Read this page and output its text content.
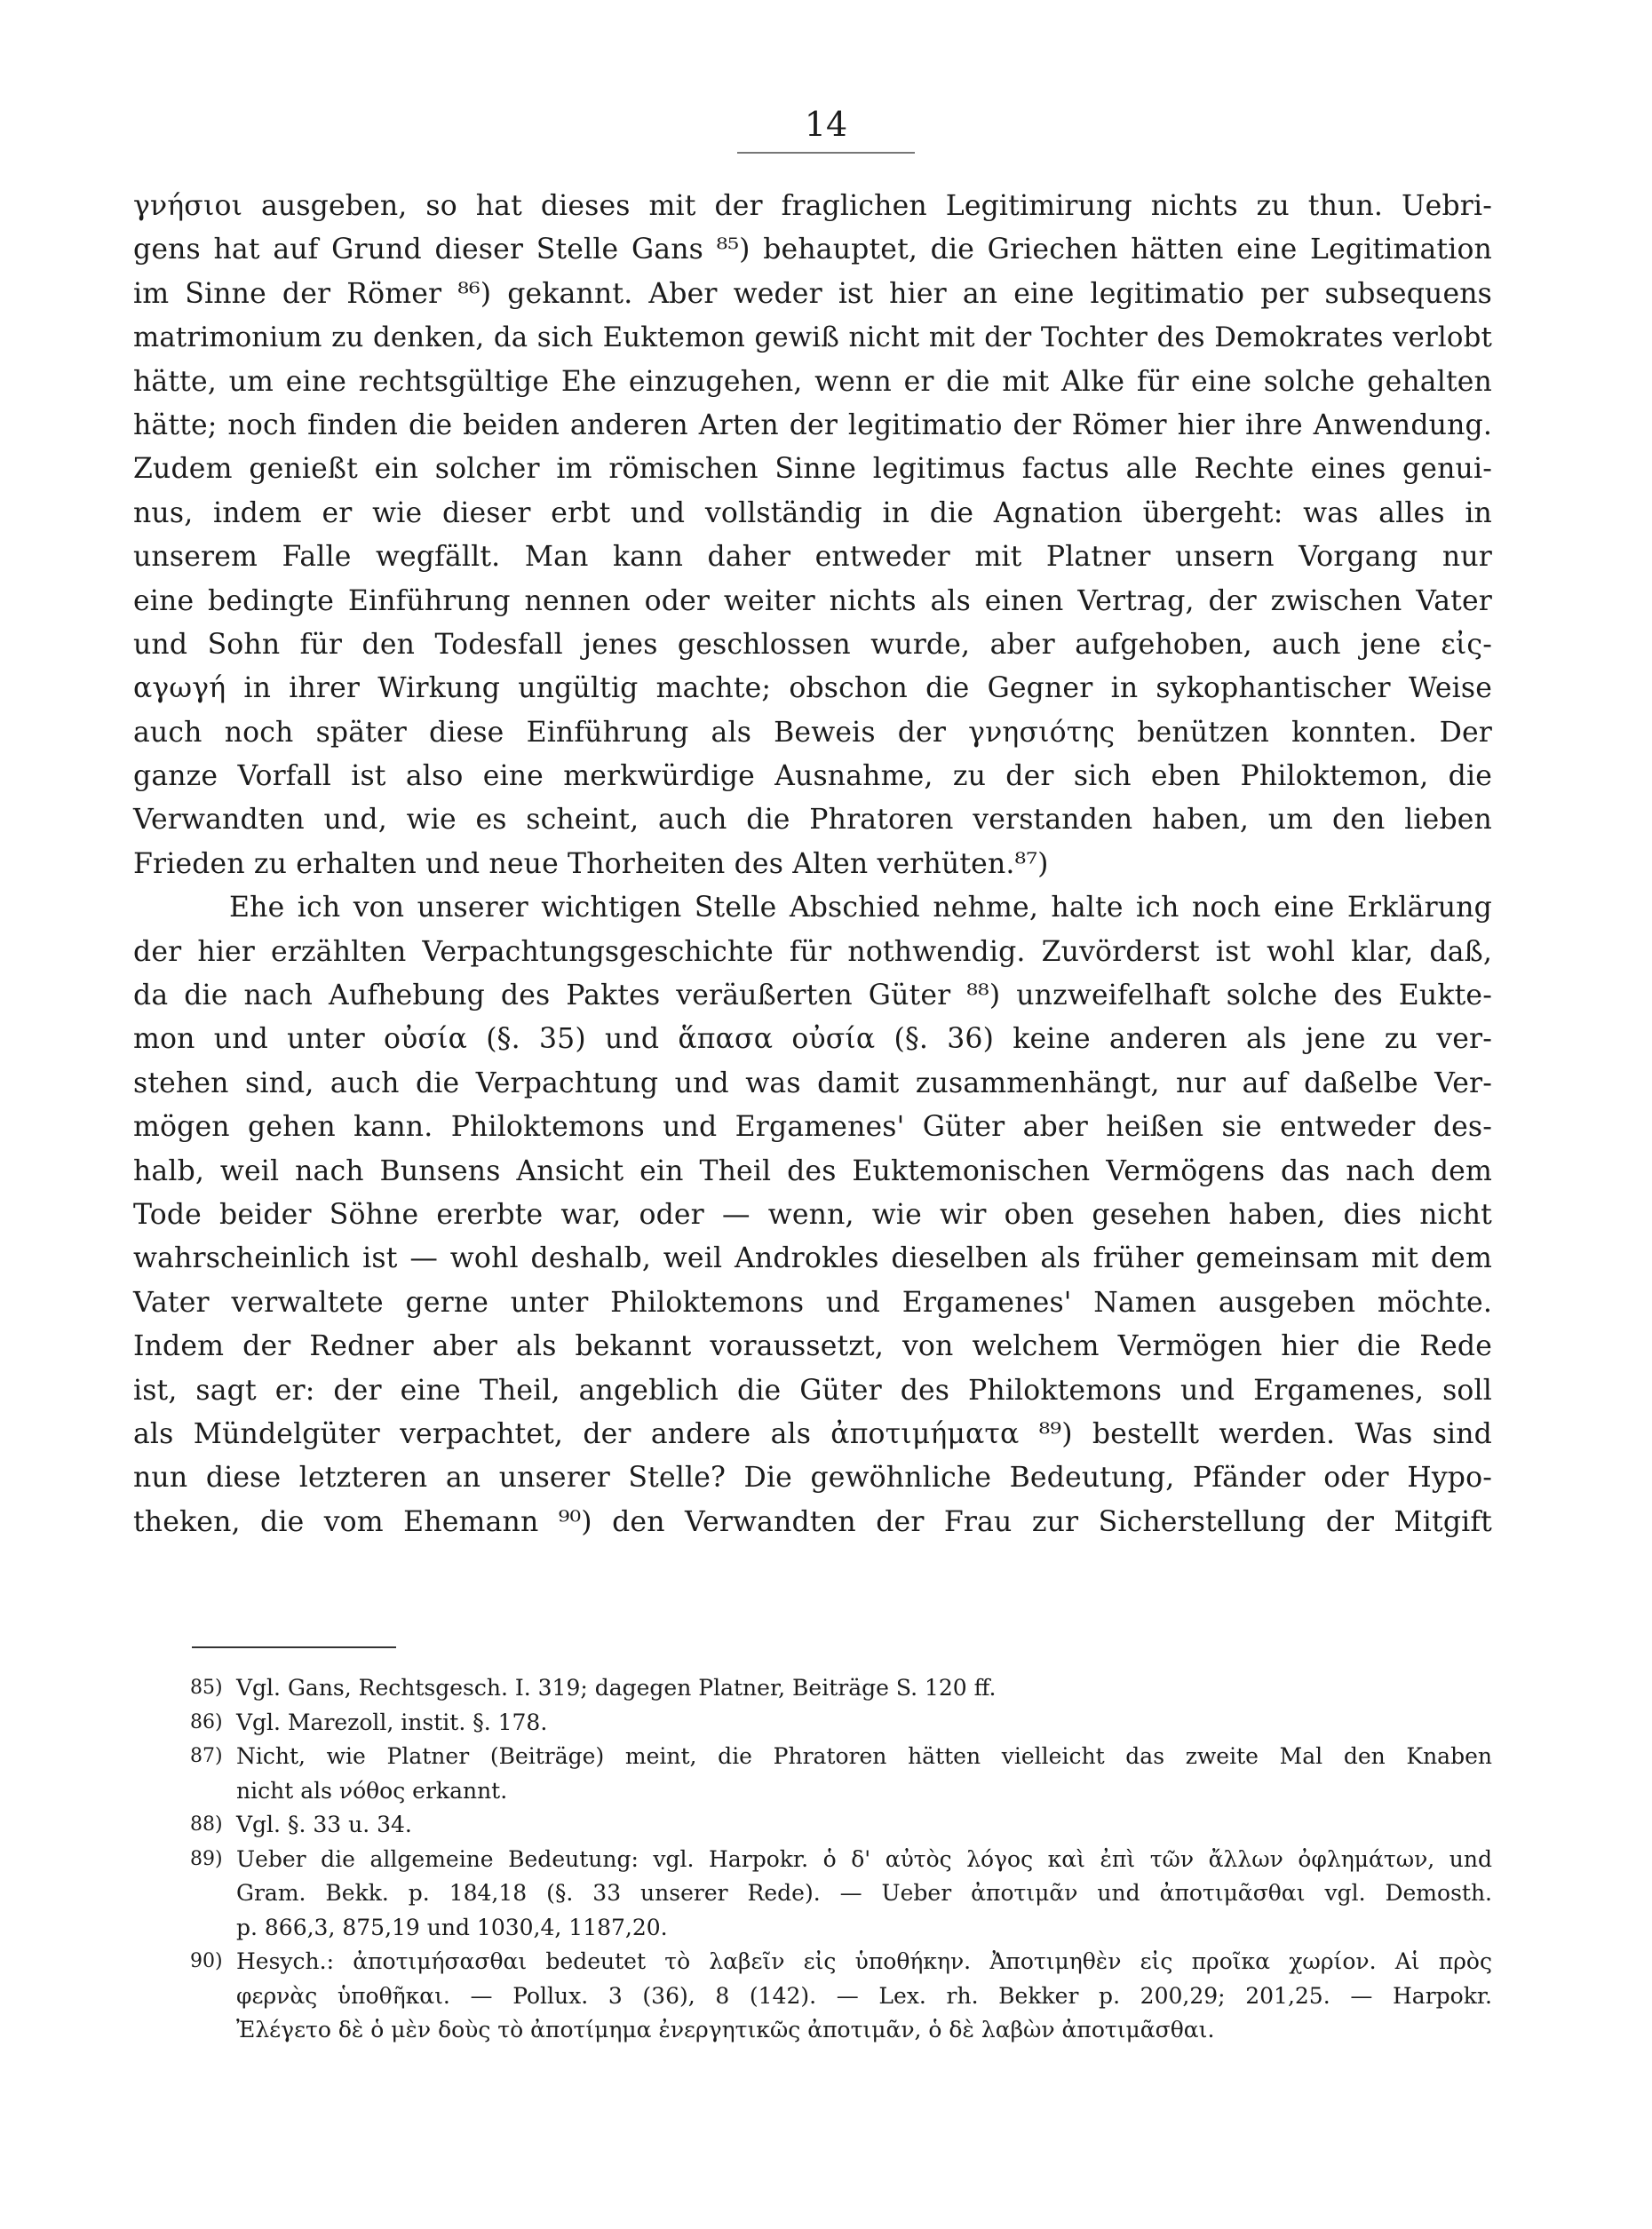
14
γνήσιοι ausgeben, so hat dieses mit der fraglichen Legitimirung nichts zu thun. Uebri-
gens hat auf Grund dieser Stelle Gans ⁸⁵) behauptet, die Griechen hätten eine Legitimation
im Sinne der Römer ⁸⁶) gekannt. Aber weder ist hier an eine legitimatio per subsequens
matrimonium zu denken, da sich Euktemon gewiß nicht mit der Tochter des Demokrates verlobt
hätte, um eine rechtsgültige Ehe einzugehen, wenn er die mit Alke für eine solche gehalten
hätte; noch finden die beiden anderen Arten der legitimatio der Römer hier ihre Anwendung.
Zudem genießt ein solcher im römischen Sinne legitimus factus alle Rechte eines genui-
nus, indem er wie dieser erbt und vollständig in die Agnation übergeht: was alles in
unserem Falle wegfällt. Man kann daher entweder mit Platner unsern Vorgang nur
eine bedingte Einführung nennen oder weiter nichts als einen Vertrag, der zwischen Vater
und Sohn für den Todesfall jenes geschlossen wurde, aber aufgehoben, auch jene εἰς-
αγωγή in ihrer Wirkung ungültig machte; obschon die Gegner in sykophantischer Weise
auch noch später diese Einführung als Beweis der γνησιότης benützen konnten. Der
ganze Vorfall ist also eine merkwürdige Ausnahme, zu der sich eben Philoktemon, die
Verwandten und, wie es scheint, auch die Phratoren verstanden haben, um den lieben
Frieden zu erhalten und neue Thorheiten des Alten verhüten.⁸⁷)
Ehe ich von unserer wichtigen Stelle Abschied nehme, halte ich noch eine Erklärung
der hier erzählten Verpachtungsgeschichte für nothwendig. Zuvörderst ist wohl klar, daß,
da die nach Aufhebung des Paktes veräußerten Güter ⁸⁸) unzweifelhaft solche des Eukte-
mon und unter οὐσία (§. 35) und ἅπασα οὐσία (§. 36) keine anderen als jene zu ver-
stehen sind, auch die Verpachtung und was damit zusammenhängt, nur auf daßelbe Ver-
mögen gehen kann. Philoktemons und Ergamenes' Güter aber heißen sie entweder des-
halb, weil nach Bunsens Ansicht ein Theil des Euktemonischen Vermögens das nach dem
Tode beider Söhne ererbte war, oder — wenn, wie wir oben gesehen haben, dies nicht
wahrscheinlich ist — wohl deshalb, weil Androkles dieselben als früher gemeinsam mit dem
Vater verwaltete gerne unter Philoktemons und Ergamenes' Namen ausgeben möchte.
Indem der Redner aber als bekannt voraussetzt, von welchem Vermögen hier die Rede
ist, sagt er: der eine Theil, angeblich die Güter des Philoktemons und Ergamenes, soll
als Mündelgüter verpachtet, der andere als ἀποτιμήματα ⁸⁹) bestellt werden. Was sind
nun diese letzteren an unserer Stelle? Die gewöhnliche Bedeutung, Pfänder oder Hypo-
theken, die vom Ehemann ⁹⁰) den Verwandten der Frau zur Sicherstellung der Mitgift
85) Vgl. Gans, Rechtsgesch. I. 319; dagegen Platner, Beiträge S. 120 ff.
86) Vgl. Marezoll, instit. §. 178.
87) Nicht, wie Platner (Beiträge) meint, die Phratoren hätten vielleicht das zweite Mal den Knaben
nicht als νόθος erkannt.
88) Vgl. §. 33 u. 34.
89) Ueber die allgemeine Bedeutung: vgl. Harpokr. ὁ δ' αὐτὸς λόγος καὶ ἐπὶ τῶν ἄλλων ὀφλημάτων, und
Gram. Bekk. p. 184,18 (§. 33 unserer Rede). — Ueber ἀποτιμᾶν und ἀποτιμᾶσθαι vgl. Demosth.
p. 866,3, 875,19 und 1030,4, 1187,20.
90) Hesych.: ἀποτιμήσασθαι bedeutet τὸ λαβεῖν εἰς ὑποθήκην. Ἀποτιμηθὲν εἰς προῖκα χωρίον. Αἱ πρὸς
φερνὰς ὑποθῆκαι. — Pollux. 3 (36), 8 (142). — Lex. rh. Bekker p. 200,29; 201,25. — Harpokr.
Ἐλέγετο δὲ ὁ μὲν δοὺς τὸ ἀποτίμημα ἐνεργητικῶς ἀποτιμᾶν, ὁ δὲ λαβὼν ἀποτιμᾶσθαι.
